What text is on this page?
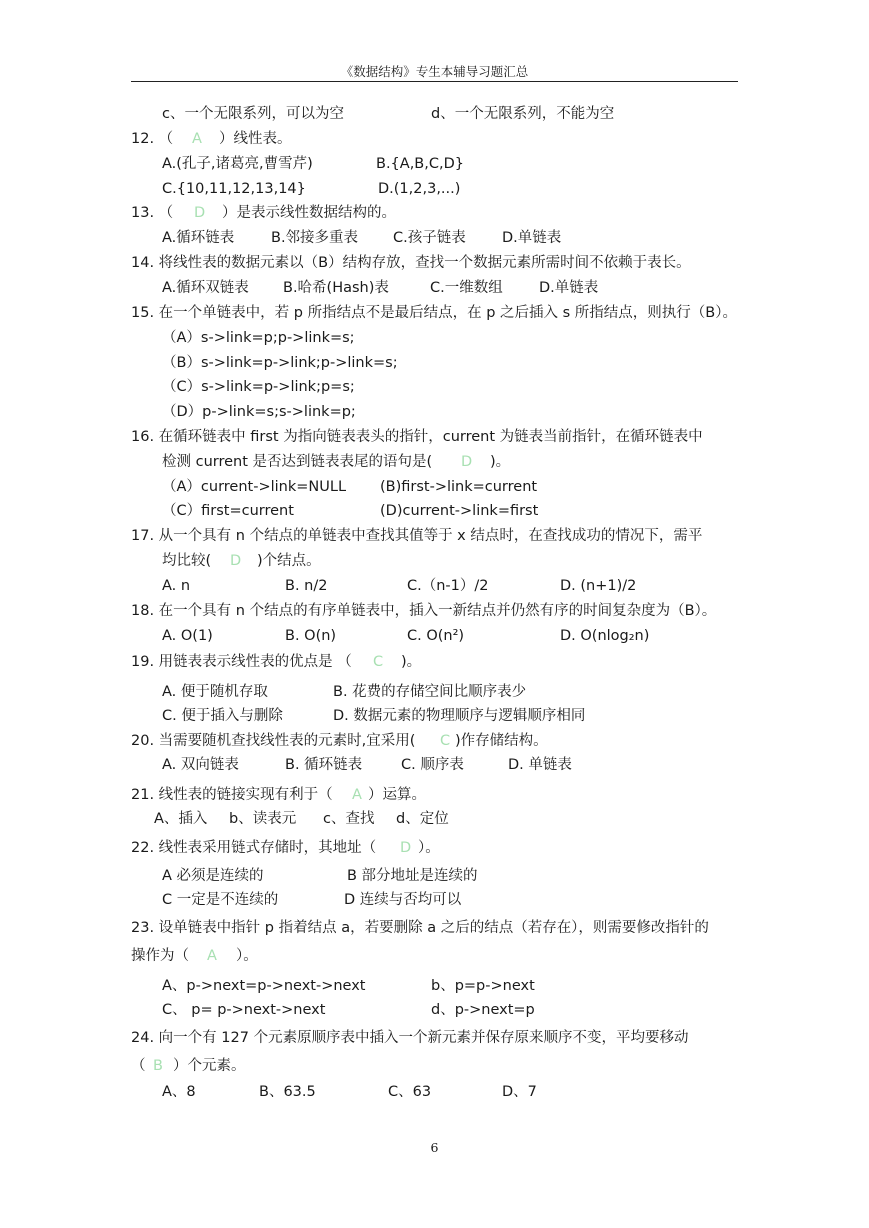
《数据结构》专生本辅导习题汇总
c、一个无限系列，可以为空	d、一个无限系列，不能为空
12. （ A ）线性表。
A.(孔子,诸葛亮,曹雪芹)	B.{A,B,C,D}
C.{10,11,12,13,14}	D.(1,2,3,...)
13. （ D ）是表示线性数据结构的。
A.循环链表	B.邻接多重表 C.孩子链表	D.单链表
14. 将线性表的数据元素以（B）结构存放，查找一个数据元素所需时间不依赖于表长。
A.循环双链表 B.哈希(Hash)表	C.一维数组	D.单链表
15. 在一个单链表中，若 p 所指结点不是最后结点，在 p 之后插入 s 所指结点，则执行（B）。
（A）s->link=p;p->link=s;
（B）s->link=p->link;p->link=s;
（C）s->link=p->link;p=s;
（D）p->link=s;s->link=p;
16. 在循环链表中 first 为指向链表表头的指针，current 为链表当前指针，在循环链表中
检测 current 是否达到链表表尾的语句是( D )。
（A）current->link=NULL (B)first->link=current
（C）first=current	(D)current->link=first
17. 从一个具有 n 个结点的单链表中查找其值等于 x 结点时，在查找成功的情况下，需平
均比较( D )个结点。
A. n	B. n/2	C.（n-1）/2	D. (n+1)/2
18. 在一个具有 n 个结点的有序单链表中，插入一新结点并仍然有序的时间复杂度为（B）。
A. O(1)	B. O(n)	C. O(n²)	D. O(nlog₂n)
19. 用链表表示线性表的优点是 （ C )。
A. 便于随机存取	B. 花费的存储空间比顺序表少
C. 便于插入与删除	D. 数据元素的物理顺序与逻辑顺序相同
20. 当需要随机查找线性表的元素时,宜采用( C )作存储结构。
A. 双向链表	B. 循环链表	C. 顺序表	D. 单链表
21. 线性表的链接实现有利于（ A ）运算。
A、插入 b、读表元 c、查找 d、定位
22. 线性表采用链式存储时，其地址（ D ）。
A 必须是连续的	B 部分地址是连续的
C 一定是不连续的	D 连续与否均可以
23. 设单链表中指针 p 指着结点 a，若要删除 a 之后的结点（若存在），则需要修改指针的
操作为（ A ）。
A、p->next=p->next->next	b、p=p->next
C、 p= p->next->next	d、p->next=p
24. 向一个有 127 个元素原顺序表中插入一个新元素并保存原来顺序不变，平均要移动
（ B ）个元素。
A、8	B、63.5	C、63	D、7
6
